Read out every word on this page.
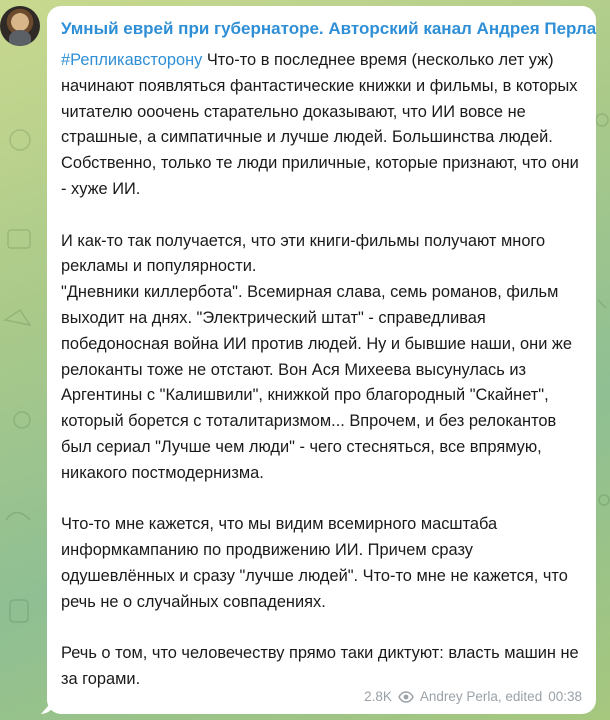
Умный еврей при губернаторе. Авторский канал Андрея Перла

#Репликавсторону Что-то в последнее время (несколько лет уж) начинают появляться фантастические книжки и фильмы, в которых читателю ооочень старательно доказывают, что ИИ вовсе не страшные, а симпатичные и лучше людей. Большинства людей. Собственно, только те люди приличные, которые признают, что они - хуже ИИ.

И как-то так получается, что эти книги-фильмы получают много рекламы и популярности.
"Дневники киллербота". Всемирная слава, семь романов, фильм выходит на днях. "Электрический штат" - справедливая победоносная война ИИ против людей. Ну и бывшие наши, они же релоканты тоже не отстают. Вон Ася Михеева высунулась из Аргентины с "Калишвили", книжкой про благородный "Скайнет", который борется с тоталитаризмом... Впрочем, и без релокантов был сериал "Лучше чем люди" - чего стесняться, все впрямую, никакого постмодернизма.

Что-то мне кажется, что мы видим всемирного масштаба информкампанию по продвижению ИИ. Причем сразу одушевлённых и сразу "лучше людей". Что-то мне не кажется, что речь не о случайных совпадениях.

Речь о том, что человечеству прямо таки диктуют: власть машин не за горами.

2.8K Andrey Perla, edited 00:38
